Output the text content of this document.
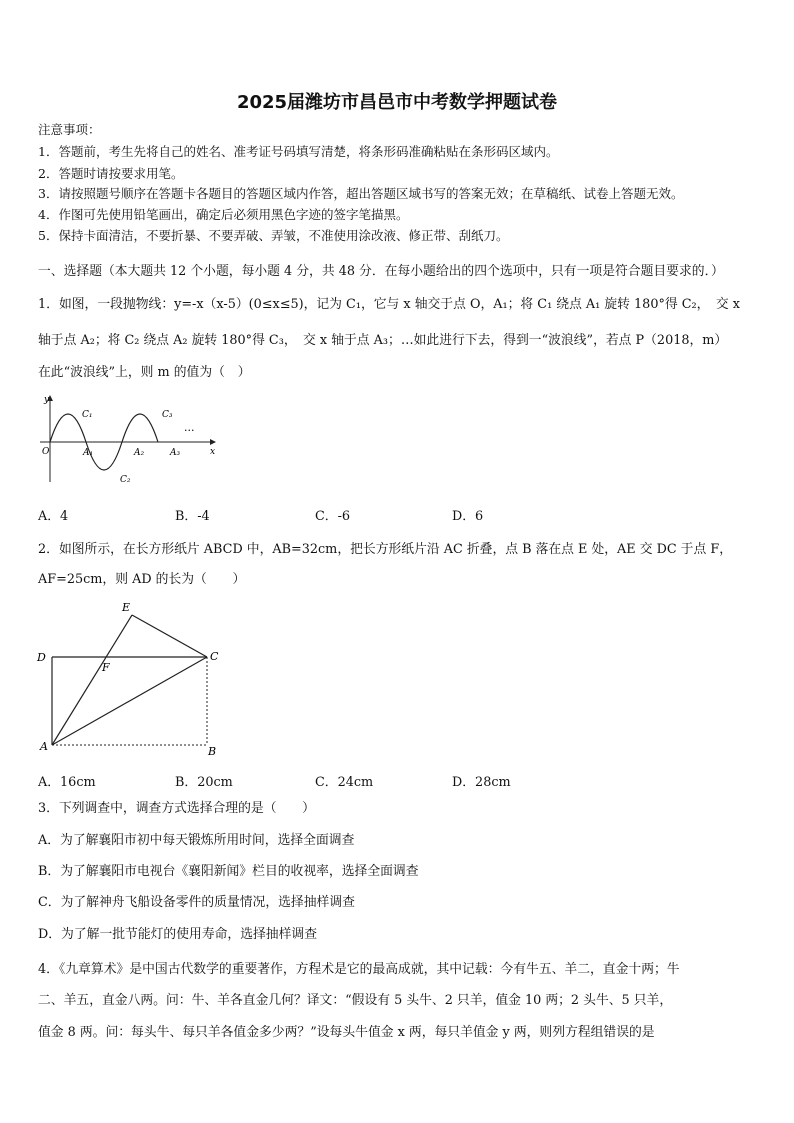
2025届潍坊市昌邑市中考数学押题试卷
注意事项：
1．答题前，考生先将自己的姓名、准考证号码填写清楚，将条形码准确粘贴在条形码区域内。
2．答题时请按要求用笔。
3．请按照题号顺序在答题卡各题目的答题区域内作答，超出答题区域书写的答案无效；在草稿纸、试卷上答题无效。
4．作图可先使用铅笔画出，确定后必须用黑色字迹的签字笔描黑。
5．保持卡面清洁，不要折暴、不要弄破、弄皱，不准使用涂改液、修正带、刮纸刀。
一、选择题（本大题共 12 个小题，每小题 4 分，共 48 分．在每小题给出的四个选项中，只有一项是符合题目要求的．）
1．如图，一段抛物线：y=-x（x-5）(0≤x≤5)，记为 C₁，它与 x 轴交于点 O，A₁；将 C₁ 绕点 A₁ 旋转 180°得 C₂，　交 x
轴于点 A₂；将 C₂ 绕点 A₂ 旋转 180°得 C₃，　交 x 轴于点 A₃；…如此进行下去，得到一“波浪线”，若点 P（2018，m）
在此“波浪线”上，则 m 的值为（　）
y
x
O	A₁	A₂	A₃
C₁
C₂
C₃
···
A．4	B．-4	C．-6	D．6
2．如图所示，在长方形纸片 ABCD 中，AB=32cm，把长方形纸片沿 AC 折叠，点 B 落在点 E 处，AE 交 DC 于点 F，
AF=25cm，则 AD 的长为（　　）
A	B
C
D
E
F
A．16cm	B．20cm	C．24cm	D．28cm
3．下列调查中，调查方式选择合理的是（　　）
A．为了解襄阳市初中每天锻炼所用时间，选择全面调查
B．为了解襄阳市电视台《襄阳新闻》栏目的收视率，选择全面调查
C．为了解神舟飞船设备零件的质量情况，选择抽样调查
D．为了解一批节能灯的使用寿命，选择抽样调查
4．《九章算术》是中国古代数学的重要著作，方程术是它的最高成就，其中记载：今有牛五、羊二，直金十两；牛
二、羊五，直金八两。问：牛、羊各直金几何？译文：“假设有 5 头牛、2 只羊，值金 10 两；2 头牛、5 只羊，
值金 8 两。问：每头牛、每只羊各值金多少两？”设每头牛值金 x 两，每只羊值金 y 两，则列方程组错误的是
